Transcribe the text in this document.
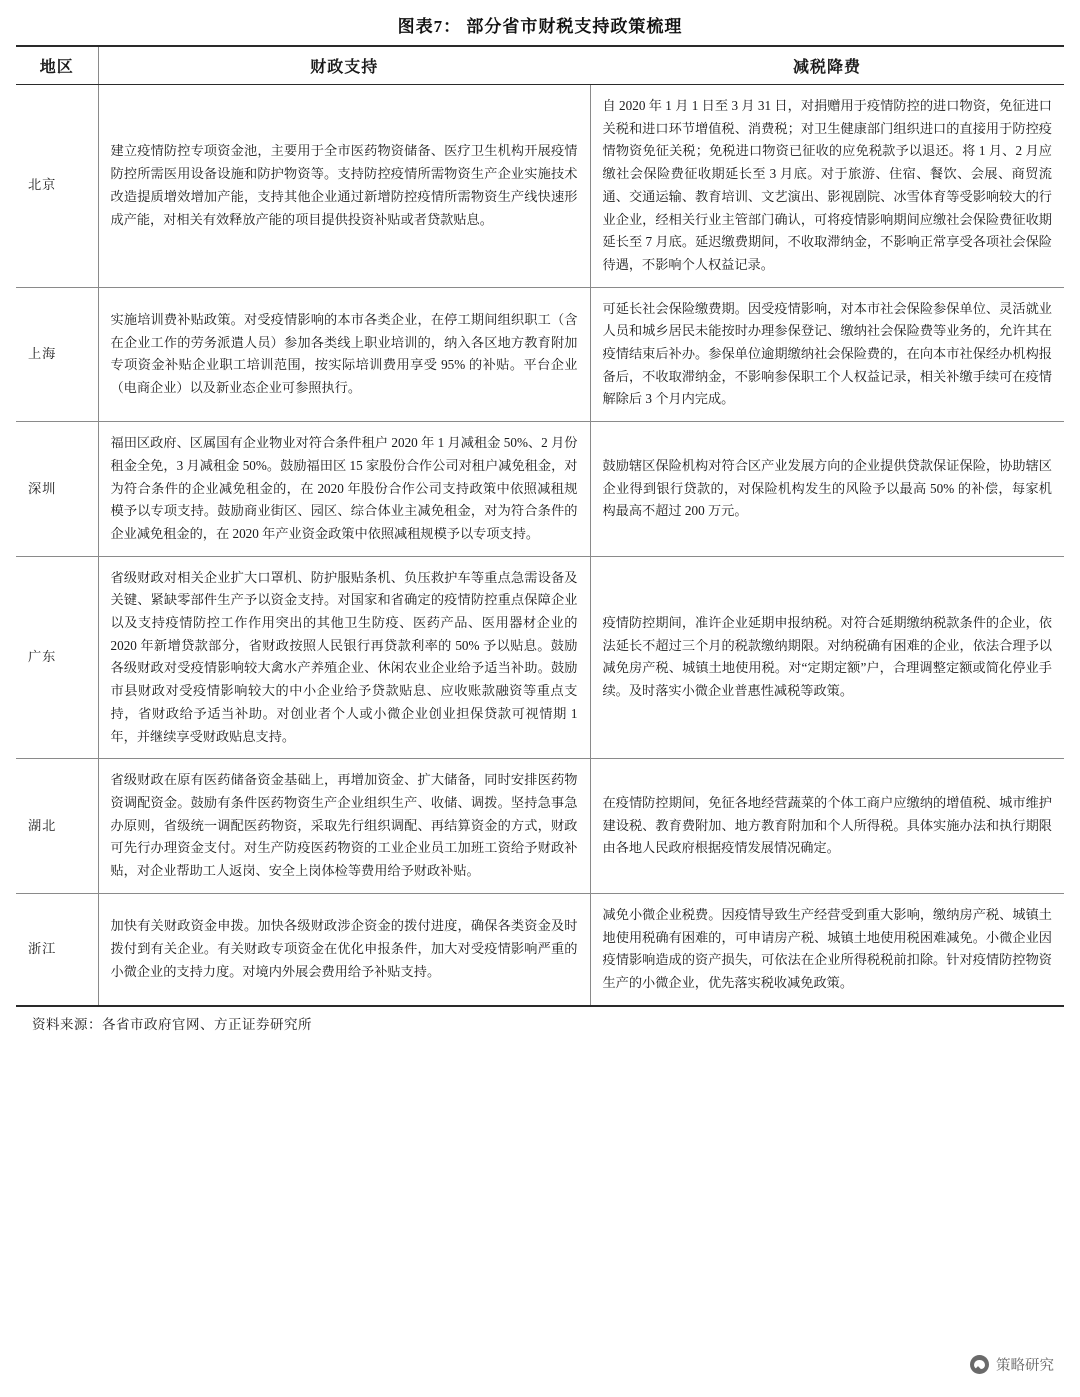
图表7： 部分省市财税支持政策梳理
地区	财政支持	减税降费
北京	建立疫情防控专项资金池，主要用于全市医药物资储备、医疗卫生机构开展疫情防控所需医用设备设施和防护物资等。支持防控疫情所需物资生产企业实施技术改造提质增效增加产能，支持其他企业通过新增防控疫情所需物资生产线快速形成产能，对相关有效释放产能的项目提供投资补贴或者贷款贴息。	自 2020 年 1 月 1 日至 3 月 31 日，对捐赠用于疫情防控的进口物资，免征进口关税和进口环节增值税、消费税；对卫生健康部门组织进口的直接用于防控疫情物资免征关税；免税进口物资已征收的应免税款予以退还。将 1 月、2 月应缴社会保险费征收期延长至 3 月底。对于旅游、住宿、餐饮、会展、商贸流通、交通运输、教育培训、文艺演出、影视剧院、冰雪体育等受影响较大的行业企业，经相关行业主管部门确认，可将疫情影响期间应缴社会保险费征收期延长至 7 月底。延迟缴费期间，不收取滞纳金，不影响正常享受各项社会保险待遇，不影响个人权益记录。
上海	实施培训费补贴政策。对受疫情影响的本市各类企业，在停工期间组织职工（含在企业工作的劳务派遣人员）参加各类线上职业培训的，纳入各区地方教育附加专项资金补贴企业职工培训范围，按实际培训费用享受 95% 的补贴。平台企业（电商企业）以及新业态企业可参照执行。	可延长社会保险缴费期。因受疫情影响，对本市社会保险参保单位、灵活就业人员和城乡居民未能按时办理参保登记、缴纳社会保险费等业务的，允许其在疫情结束后补办。参保单位逾期缴纳社会保险费的，在向本市社保经办机构报备后，不收取滞纳金，不影响参保职工个人权益记录，相关补缴手续可在疫情解除后 3 个月内完成。
深圳	福田区政府、区属国有企业物业对符合条件租户 2020 年 1 月减租金 50%、2 月份租金全免，3 月减租金 50%。鼓励福田区 15 家股份合作公司对租户减免租金，对为符合条件的企业减免租金的，在 2020 年股份合作公司支持政策中依照减租规模予以专项支持。鼓励商业街区、园区、综合体业主减免租金，对为符合条件的企业减免租金的，在 2020 年产业资金政策中依照减租规模予以专项支持。	鼓励辖区保险机构对符合区产业发展方向的企业提供贷款保证保险，协助辖区企业得到银行贷款的，对保险机构发生的风险予以最高 50% 的补偿，每家机构最高不超过 200 万元。
广东	省级财政对相关企业扩大口罩机、防护服贴条机、负压救护车等重点急需设备及关键、紧缺零部件生产予以资金支持。对国家和省确定的疫情防控重点保障企业以及支持疫情防控工作作用突出的其他卫生防疫、医药产品、医用器材企业的 2020 年新增贷款部分，省财政按照人民银行再贷款利率的 50% 予以贴息。鼓励各级财政对受疫情影响较大禽水产养殖企业、休闲农业企业给予适当补助。鼓励市县财政对受疫情影响较大的中小企业给予贷款贴息、应收账款融资等重点支持，省财政给予适当补助。对创业者个人或小微企业创业担保贷款可视情期 1 年，并继续享受财政贴息支持。	疫情防控期间，准许企业延期申报纳税。对符合延期缴纳税款条件的企业，依法延长不超过三个月的税款缴纳期限。对纳税确有困难的企业，依法合理予以减免房产税、城镇土地使用税。对“定期定额”户，合理调整定额或简化停业手续。及时落实小微企业普惠性减税等政策。
湖北	省级财政在原有医药储备资金基础上，再增加资金、扩大储备，同时安排医药物资调配资金。鼓励有条件医药物资生产企业组织生产、收储、调拨。坚持急事急办原则，省级统一调配医药物资，采取先行组织调配、再结算资金的方式，财政可先行办理资金支付。对生产防疫医药物资的工业企业员工加班工资给予财政补贴，对企业帮助工人返岗、安全上岗体检等费用给予财政补贴。	在疫情防控期间，免征各地经营蔬菜的个体工商户应缴纳的增值税、城市维护建设税、教育费附加、地方教育附加和个人所得税。具体实施办法和执行期限由各地人民政府根据疫情发展情况确定。
浙江	加快有关财政资金申拨。加快各级财政涉企资金的拨付进度，确保各类资金及时拨付到有关企业。有关财政专项资金在优化申报条件，加大对受疫情影响严重的小微企业的支持力度。对境内外展会费用给予补贴支持。	减免小微企业税费。因疫情导致生产经营受到重大影响，缴纳房产税、城镇土地使用税确有困难的，可申请房产税、城镇土地使用税困难减免。小微企业因疫情影响造成的资产损失，可依法在企业所得税税前扣除。针对疫情防控物资生产的小微企业，优先落实税收减免政策。
资料来源：各省市政府官网、方正证券研究所
策略研究
